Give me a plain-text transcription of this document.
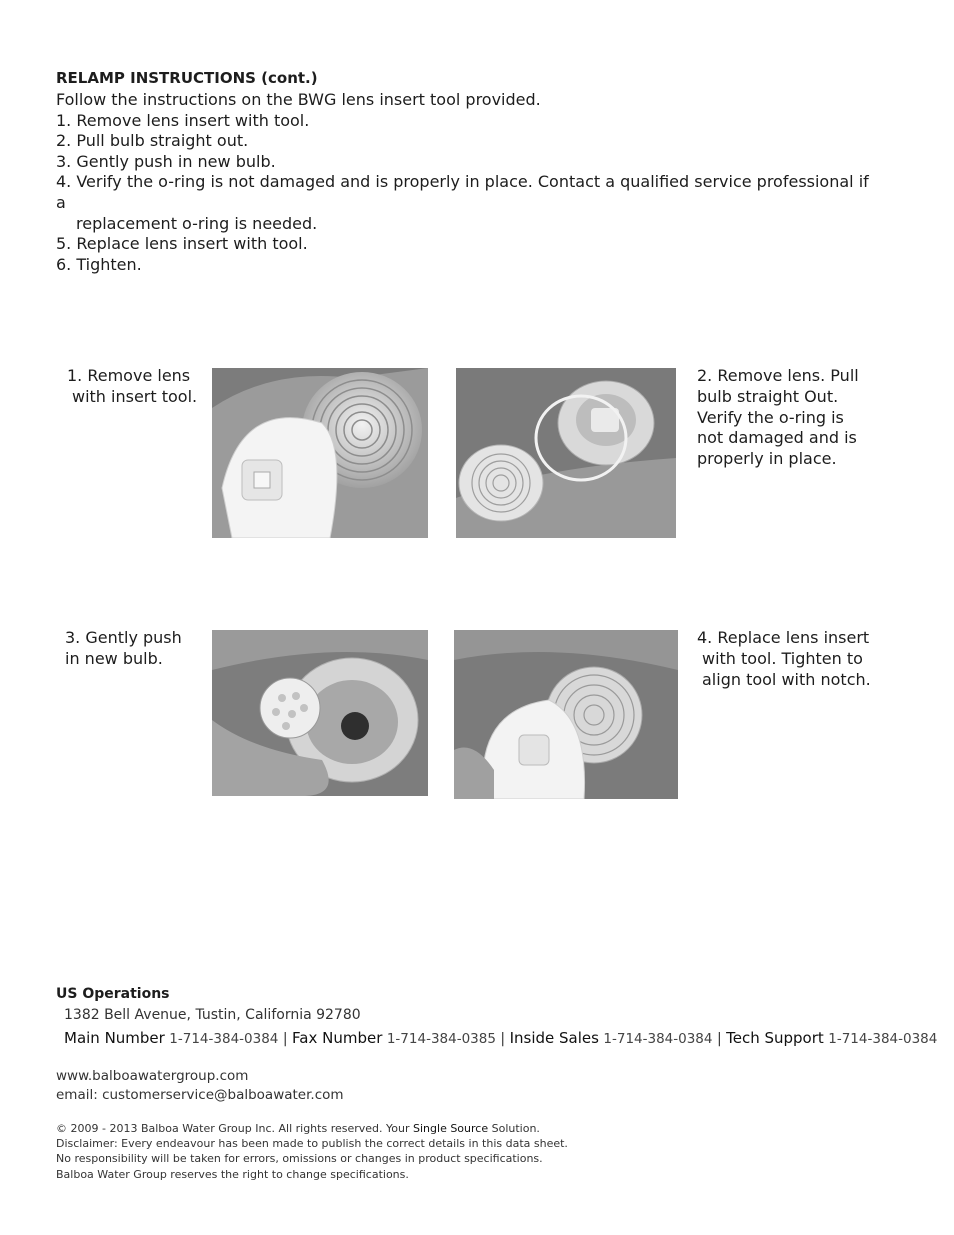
RELAMP INSTRUCTIONS (cont.)
Follow the instructions on the BWG lens insert tool provided.
1. Remove lens insert with tool.
2. Pull bulb straight out.
3. Gently push in new bulb.
4. Verify the o-ring is not damaged and is properly in place. Contact a qualified service professional if a
replacement o-ring is needed.
5. Replace lens insert with tool.
6. Tighten.
1. Remove lens
with insert tool.
2. Remove lens. Pull
bulb straight Out.
Verify the o-ring is
not damaged and is
properly in place.
3. Gently push
in new bulb.
4. Replace lens insert
with tool. Tighten to
align tool with notch.
US Operations
1382 Bell Avenue, Tustin, California 92780
Main Number 1-714-384-0384 | Fax Number 1-714-384-0385 | Inside Sales 1-714-384-0384 | Tech Support 1-714-384-0384
www.balboawatergroup.com
email: customerservice@balboawater.com
© 2009 - 2013 Balboa Water Group Inc. All rights reserved. Your Single Source Solution.
Disclaimer: Every endeavour has been made to publish the correct details in this data sheet.
No responsibility will be taken for errors, omissions or changes in product specifications.
Balboa Water Group reserves the right to change specifications.
